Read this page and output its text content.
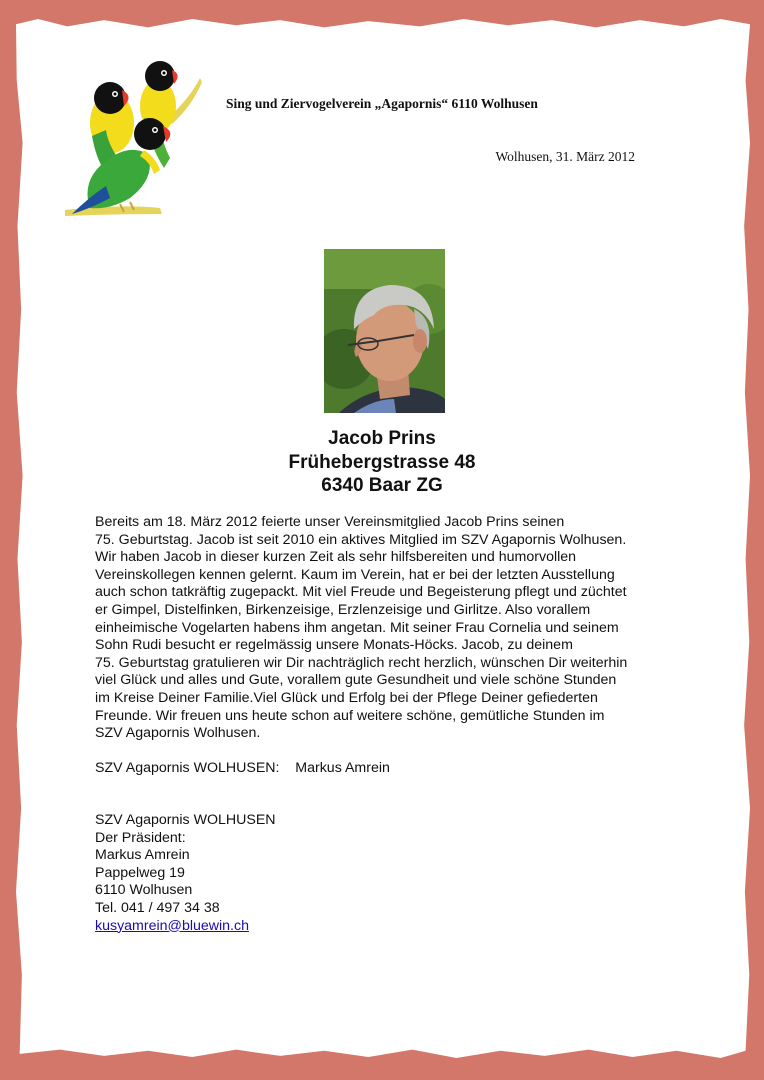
Sing und Ziervogelverein „Agapornis“ 6110 Wolhusen
Wolhusen, 31. März 2012
Jacob Prins
Frühebergstrasse 48
6340 Baar ZG
Bereits am 18. März 2012 feierte unser Vereinsmitglied Jacob Prins seinen
75. Geburtstag. Jacob ist seit 2010 ein aktives Mitglied im SZV Agapornis Wolhusen.
Wir haben Jacob in dieser kurzen Zeit als sehr hilfsbereiten und humorvollen
Vereinskollegen kennen gelernt. Kaum im Verein, hat er bei der letzten Ausstellung
auch schon tatkräftig zugepackt. Mit viel Freude und Begeisterung pflegt und züchtet
er Gimpel, Distelfinken, Birkenzeisige, Erzlenzeisige und Girlitze. Also vorallem
einheimische Vogelarten habens ihm angetan. Mit seiner Frau Cornelia und seinem
Sohn Rudi besucht er regelmässig unsere Monats-Höcks. Jacob, zu deinem
75. Geburtstag gratulieren wir Dir nachträglich recht herzlich, wünschen Dir weiterhin
viel Glück und alles und Gute, vorallem gute Gesundheit und viele schöne Stunden
im Kreise Deiner Familie.Viel Glück und Erfolg bei der Pflege Deiner gefiederten
Freunde. Wir freuen uns heute schon auf weitere schöne, gemütliche Stunden im
SZV Agapornis Wolhusen.
SZV Agapornis WOLHUSEN: Markus Amrein
SZV Agapornis WOLHUSEN
Der Präsident:
Markus Amrein
Pappelweg 19
6110 Wolhusen
Tel. 041 / 497 34 38
kusyamrein@bluewin.ch
